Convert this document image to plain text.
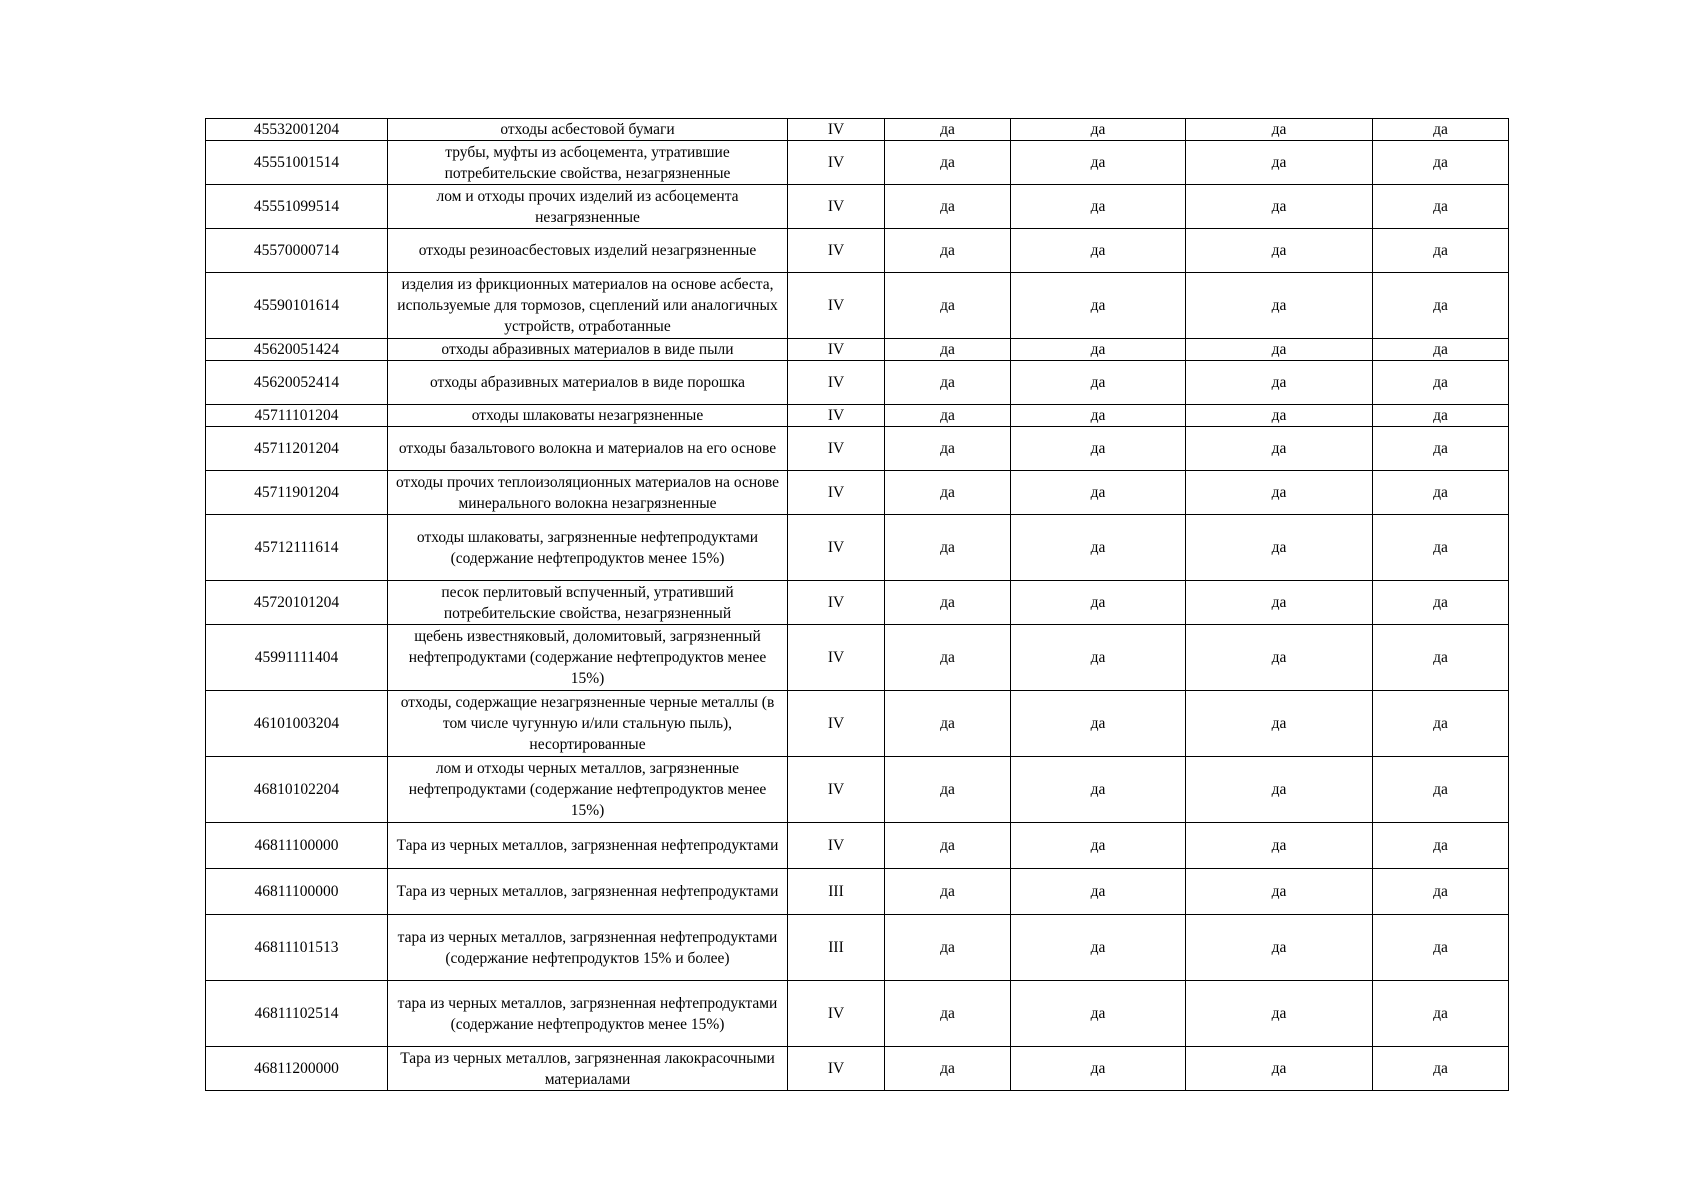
45532001204	отходы асбестовой бумаги	IV	да	да	да	да
45551001514	трубы, муфты из асбоцемента, утратившие потребительские свойства, незагрязненные	IV	да	да	да	да
45551099514	лом и отходы прочих изделий из асбоцемента незагрязненные	IV	да	да	да	да
45570000714	отходы резиноасбестовых изделий незагрязненные	IV	да	да	да	да
45590101614	изделия из фрикционных материалов на основе асбеста, используемые для тормозов, сцеплений или аналогичных устройств, отработанные	IV	да	да	да	да
45620051424	отходы абразивных материалов в виде пыли	IV	да	да	да	да
45620052414	отходы абразивных материалов в виде порошка	IV	да	да	да	да
45711101204	отходы шлаковаты незагрязненные	IV	да	да	да	да
45711201204	отходы базальтового волокна и материалов на его основе	IV	да	да	да	да
45711901204	отходы прочих теплоизоляционных материалов на основе минерального волокна незагрязненные	IV	да	да	да	да
45712111614	отходы шлаковаты, загрязненные нефтепродуктами (содержание нефтепродуктов менее 15%)	IV	да	да	да	да
45720101204	песок перлитовый вспученный, утративший потребительские свойства, незагрязненный	IV	да	да	да	да
45991111404	щебень известняковый, доломитовый, загрязненный нефтепродуктами (содержание нефтепродуктов менее 15%)	IV	да	да	да	да
46101003204	отходы, содержащие незагрязненные черные металлы (в том числе чугунную и/или стальную пыль), несортированные	IV	да	да	да	да
46810102204	лом и отходы черных металлов, загрязненные нефтепродуктами (содержание нефтепродуктов менее 15%)	IV	да	да	да	да
46811100000	Тара из черных металлов, загрязненная нефтепродуктами	IV	да	да	да	да
46811100000	Тара из черных металлов, загрязненная нефтепродуктами	III	да	да	да	да
46811101513	тара из черных металлов, загрязненная нефтепродуктами (содержание нефтепродуктов 15% и более)	III	да	да	да	да
46811102514	тара из черных металлов, загрязненная нефтепродуктами (содержание нефтепродуктов менее 15%)	IV	да	да	да	да
46811200000	Тара из черных металлов, загрязненная лакокрасочными материалами	IV	да	да	да	да
